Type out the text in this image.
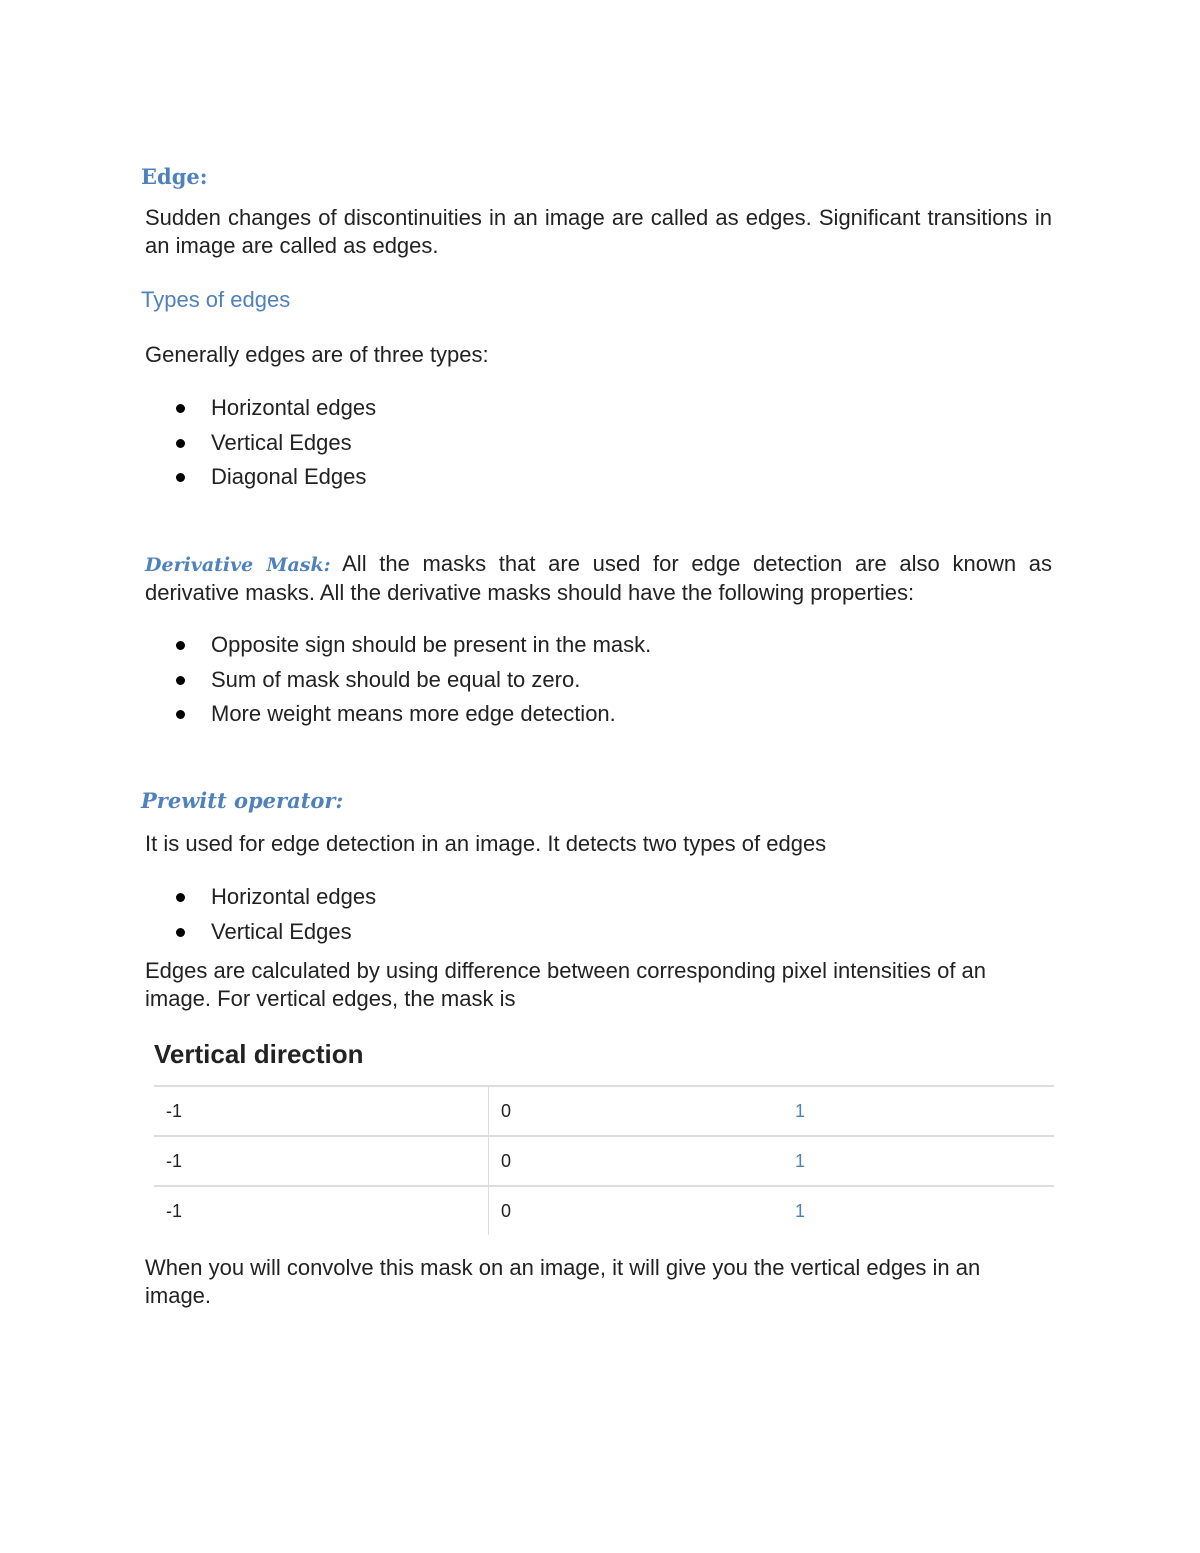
Edge:

Sudden changes of discontinuities in an image are called as edges. Significant transitions in an image are called as edges.

Types of edges

Generally edges are of three types:

Horizontal edges
Vertical Edges
Diagonal Edges

Derivative Mask: All the masks that are used for edge detection are also known as derivative masks. All the derivative masks should have the following properties:

Opposite sign should be present in the mask.
Sum of mask should be equal to zero.
More weight means more edge detection.
Prewitt operator:

It is used for edge detection in an image. It detects two types of edges

Horizontal edges
Vertical Edges

Edges are calculated by using difference between corresponding pixel intensities of an image. For vertical edges, the mask is

Vertical direction
-1	0	1
-1	0	1
-1	0	1

When you will convolve this mask on an image, it will give you the vertical edges in an image.
